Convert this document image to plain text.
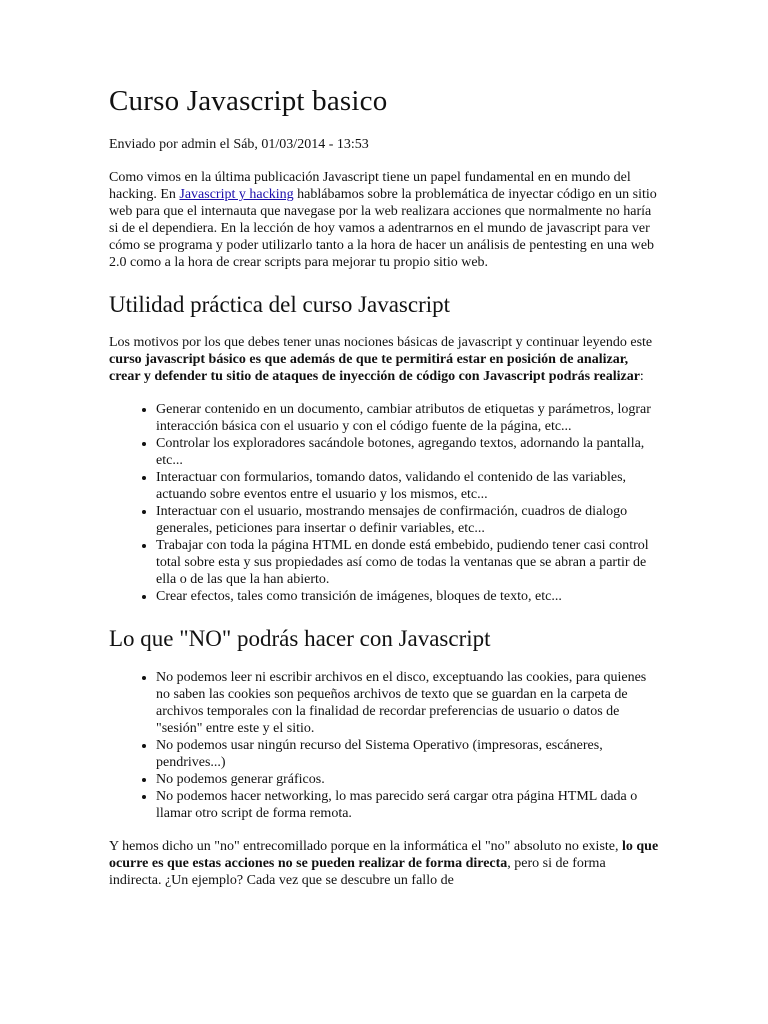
Curso Javascript basico

Enviado por admin el Sáb, 01/03/2014 - 13:53

Como vimos en la última publicación Javascript tiene un papel fundamental en en mundo del hacking. En Javascript y hacking hablábamos sobre la problemática de inyectar código en un sitio web para que el internauta que navegase por la web realizara acciones que normalmente no haría si de el dependiera. En la lección de hoy vamos a adentrarnos en el mundo de javascript para ver cómo se programa y poder utilizarlo tanto a la hora de hacer un análisis de pentesting en una web 2.0 como a la hora de crear scripts para mejorar tu propio sitio web.

Utilidad práctica del curso Javascript

Los motivos por los que debes tener unas nociones básicas de javascript y continuar leyendo este curso javascript básico es que además de que te permitirá estar en posición de analizar, crear y defender tu sitio de ataques de inyección de código con Javascript podrás realizar:

• Generar contenido en un documento, cambiar atributos de etiquetas y parámetros, lograr interacción básica con el usuario y con el código fuente de la página, etc...
• Controlar los exploradores sacándole botones, agregando textos, adornando la pantalla, etc...
• Interactuar con formularios, tomando datos, validando el contenido de las variables, actuando sobre eventos entre el usuario y los mismos, etc...
• Interactuar con el usuario, mostrando mensajes de confirmación, cuadros de dialogo generales, peticiones para insertar o definir variables, etc...
• Trabajar con toda la página HTML en donde está embebido, pudiendo tener casi control total sobre esta y sus propiedades así como de todas la ventanas que se abran a partir de ella o de las que la han abierto.
• Crear efectos, tales como transición de imágenes, bloques de texto, etc...
Lo que "NO" podrás hacer con Javascript
• No podemos leer ni escribir archivos en el disco, exceptuando las cookies, para quienes no saben las cookies son pequeños archivos de texto que se guardan en la carpeta de archivos temporales con la finalidad de recordar preferencias de usuario o datos de "sesión" entre este y el sitio.
• No podemos usar ningún recurso del Sistema Operativo (impresoras, escáneres, pendrives...)
• No podemos generar gráficos.
• No podemos hacer networking, lo mas parecido será cargar otra página HTML dada o llamar otro script de forma remota.

Y hemos dicho un "no" entrecomillado porque en la informática el "no" absoluto no existe, lo que ocurre es que estas acciones no se pueden realizar de forma directa, pero si de forma indirecta. ¿Un ejemplo? Cada vez que se descubre un fallo de
